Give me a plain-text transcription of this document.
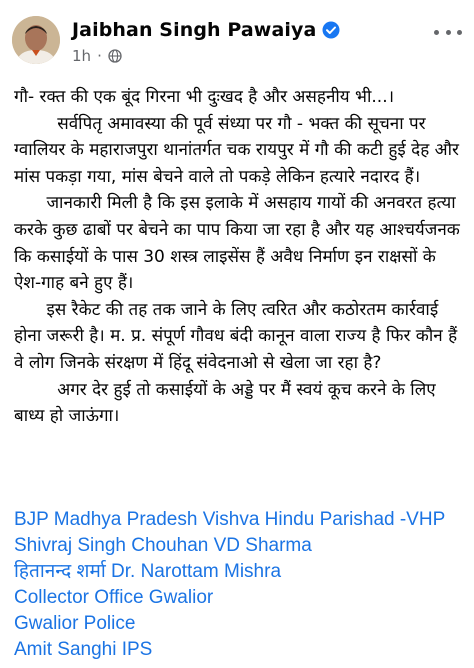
Jaibhan Singh Pawaiya
1h ·

गौ- रक्त की एक बूंद गिरना भी दुःखद है और असहनीय भी...।

सर्वपितृ अमावस्या की पूर्व संध्या पर गौ - भक्त की सूचना पर ग्वालियर के महाराजपुरा थानांतर्गत चक रायपुर में गौ की कटी हुई देह और मांस पकड़ा गया, मांस बेचने वाले तो पकड़े लेकिन हत्यारे नदारद हैं।

जानकारी मिली है कि इस इलाके में असहाय गायों की अनवरत हत्या करके कुछ ढाबों पर बेचने का पाप किया जा रहा है और यह आश्चर्यजनक कि कसाईयों के पास 30 शस्त्र लाइसेंस हैं अवैध निर्माण इन राक्षसों के ऐश-गाह बने हुए हैं।

इस रैकेट की तह तक जाने के लिए त्वरित और कठोरतम कार्रवाई होना जरूरी है। म. प्र. संपूर्ण गौवध बंदी कानून वाला राज्य है फिर कौन हैं वे लोग जिनके संरक्षण में हिंदू संवेदनाओ से खेला जा रहा है?

अगर देर हुई तो कसाईयों के अड्डे पर मैं स्वयं कूच करने के लिए बाध्य हो जाऊंगा।

BJP Madhya Pradesh Vishva Hindu Parishad -VHP
Shivraj Singh Chouhan VD Sharma
हितानन्द शर्मा Dr. Narottam Mishra
Collector Office Gwalior
Gwalior Police
Amit Sanghi IPS
